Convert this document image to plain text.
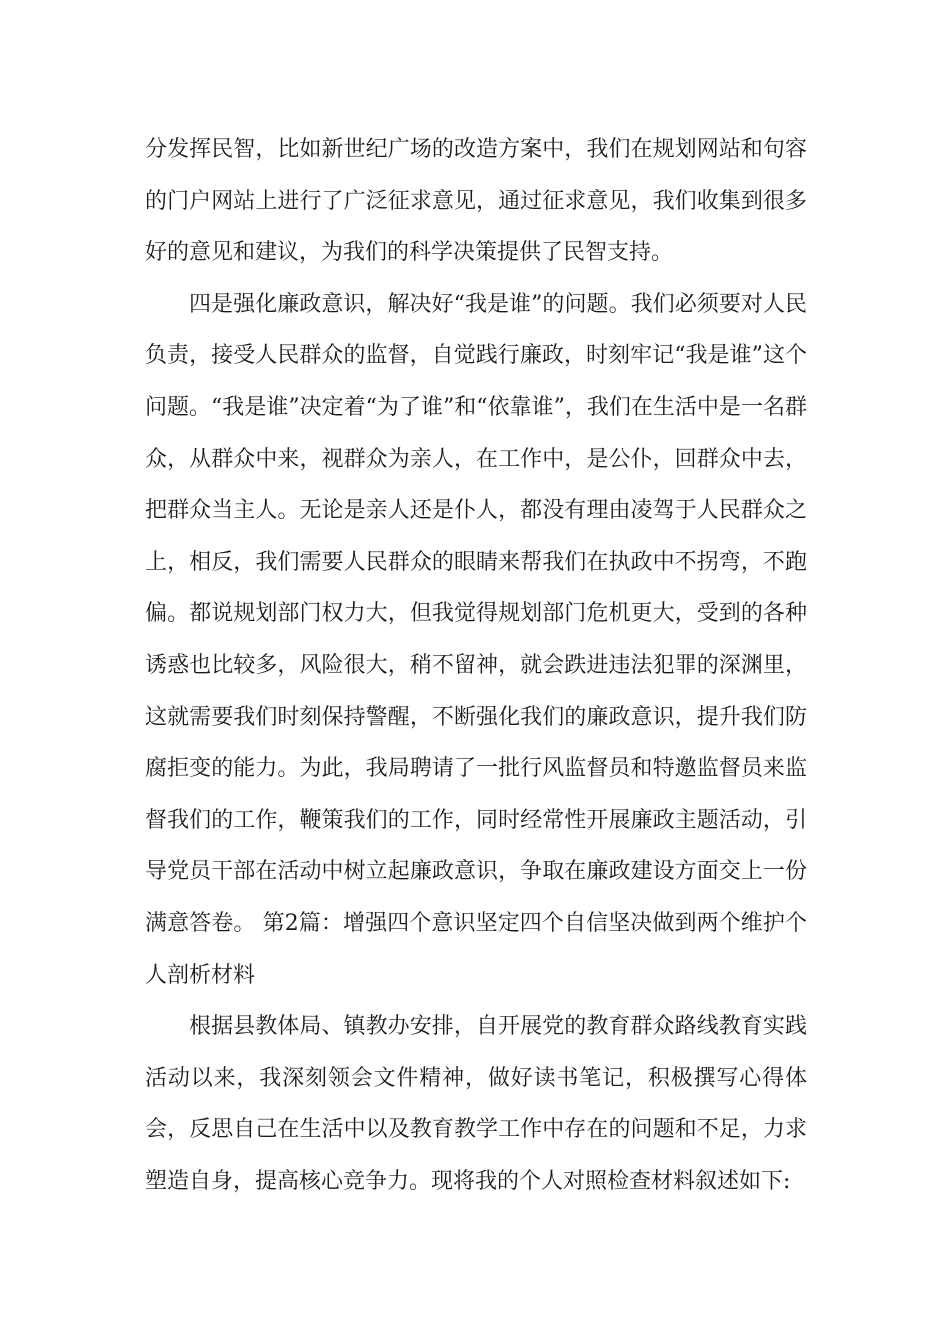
分发挥民智，比如新世纪广场的改造方案中，我们在规划网站和句容的门户网站上进行了广泛征求意见，通过征求意见，我们收集到很多好的意见和建议，为我们的科学决策提供了民智支持。

四是强化廉政意识，解决好“我是谁”的问题。我们必须要对人民负责，接受人民群众的监督，自觉践行廉政，时刻牢记“我是谁”这个问题。“我是谁”决定着“为了谁”和“依靠谁”，我们在生活中是一名群众，从群众中来，视群众为亲人，在工作中，是公仆，回群众中去，把群众当主人。无论是亲人还是仆人，都没有理由凌驾于人民群众之上，相反，我们需要人民群众的眼睛来帮我们在执政中不拐弯，不跑偏。都说规划部门权力大，但我觉得规划部门危机更大，受到的各种诱惑也比较多，风险很大，稍不留神，就会跌进违法犯罪的深渊里，这就需要我们时刻保持警醒，不断强化我们的廉政意识，提升我们防腐拒变的能力。为此，我局聘请了一批行风监督员和特邀监督员来监督我们的工作，鞭策我们的工作，同时经常性开展廉政主题活动，引导党员干部在活动中树立起廉政意识，争取在廉政建设方面交上一份满意答卷。 第2篇：增强四个意识坚定四个自信坚决做到两个维护个人剖析材料

根据县教体局、镇教办安排，自开展党的教育群众路线教育实践活动以来，我深刻领会文件精神，做好读书笔记，积极撰写心得体会，反思自己在生活中以及教育教学工作中存在的问题和不足，力求塑造自身，提高核心竞争力。现将我的个人对照检查材料叙述如下:
